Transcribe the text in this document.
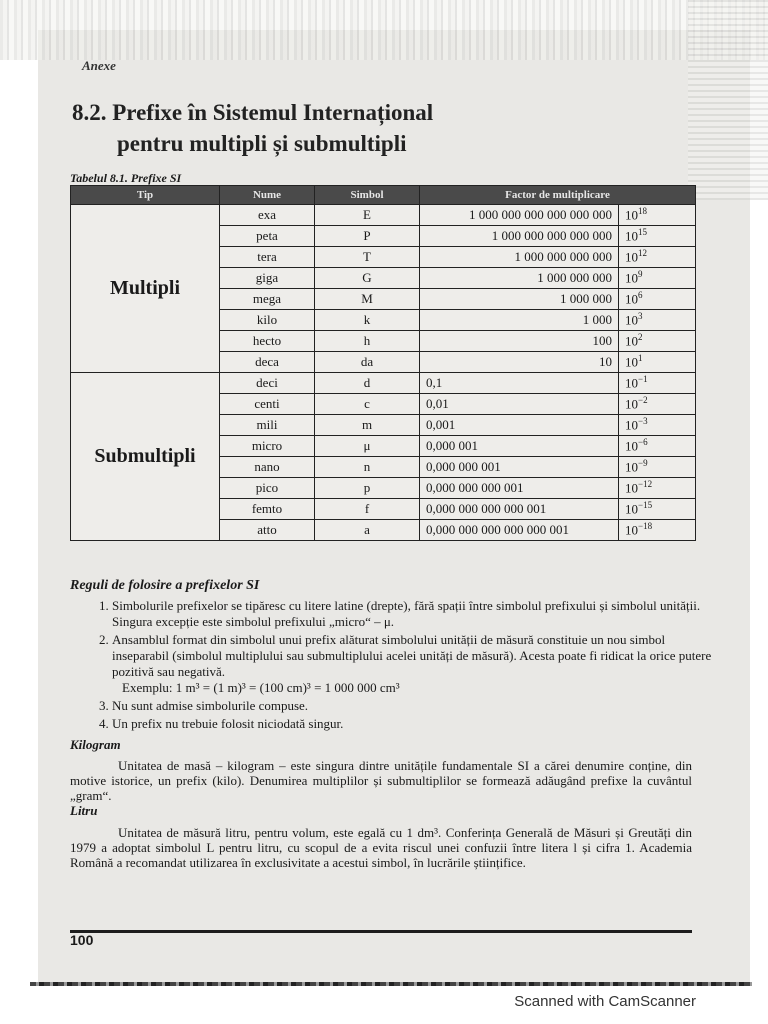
Anexe
8.2. Prefixe în Sistemul Internațional
pentru multipli și submultipli
Tabelul 8.1. Prefixe SI
Tip	Nume	Simbol	Factor de multiplicare	
Multipli	exa	E	1 000 000 000 000 000 000	$10^{18}$
	peta	P	1 000 000 000 000 000	$10^{15}$
	tera	T	1 000 000 000 000	$10^{12}$
	giga	G	1 000 000 000	$10^9$
	mega	M	1 000 000	$10^6$
	kilo	k	1 000	$10^3$
	hecto	h	100	$10^2$
	deca	da	10	$10^1$
Submultipli	deci	d	0,1	$10^{-1}$
	centi	c	0,01	$10^{-2}$
	mili	m	0,001	$10^{-3}$
	micro	μ	0,000 001	$10^{-6}$
	nano	n	0,000 000 001	$10^{-9}$
	pico	p	0,000 000 000 001	$10^{-12}$
	femto	f	0,000 000 000 000 001	$10^{-15}$
	atto	a	0,000 000 000 000 000 001	$10^{-18}$
Reguli de folosire a prefixelor SI
1. Simbolurile prefixelor se tipăresc cu litere latine (drepte), fără spații între simbolul prefixului și simbolul unității. Singura excepție este simbolul prefixului „micro“ – μ.
2. Ansamblul format din simbolul unui prefix alăturat simbolului unității de măsură constituie un nou simbol inseparabil (simbolul multiplului sau submultiplului acelei unități de măsură). Acesta poate fi ridicat la orice putere pozitivă sau negativă.
Exemplu: 1 m³ = (1 m)³ = (100 cm)³ = 1 000 000 cm³
3. Nu sunt admise simbolurile compuse.
4. Un prefix nu trebuie folosit niciodată singur.
Kilogram
Unitatea de masă – kilogram – este singura dintre unitățile fundamentale SI a cărei denumire conține, din motive istorice, un prefix (kilo). Denumirea multiplilor și submultiplilor se formează adăugând prefixe la cuvântul „gram“.
Litru
Unitatea de măsură litru, pentru volum, este egală cu 1 dm³. Conferința Generală de Măsuri și Greutăți din 1979 a adoptat simbolul L pentru litru, cu scopul de a evita riscul unei confuzii între litera l și cifra 1. Academia Română a recomandat utilizarea în exclusivitate a acestui simbol, în lucrările științifice.
100
Scanned with CamScanner
